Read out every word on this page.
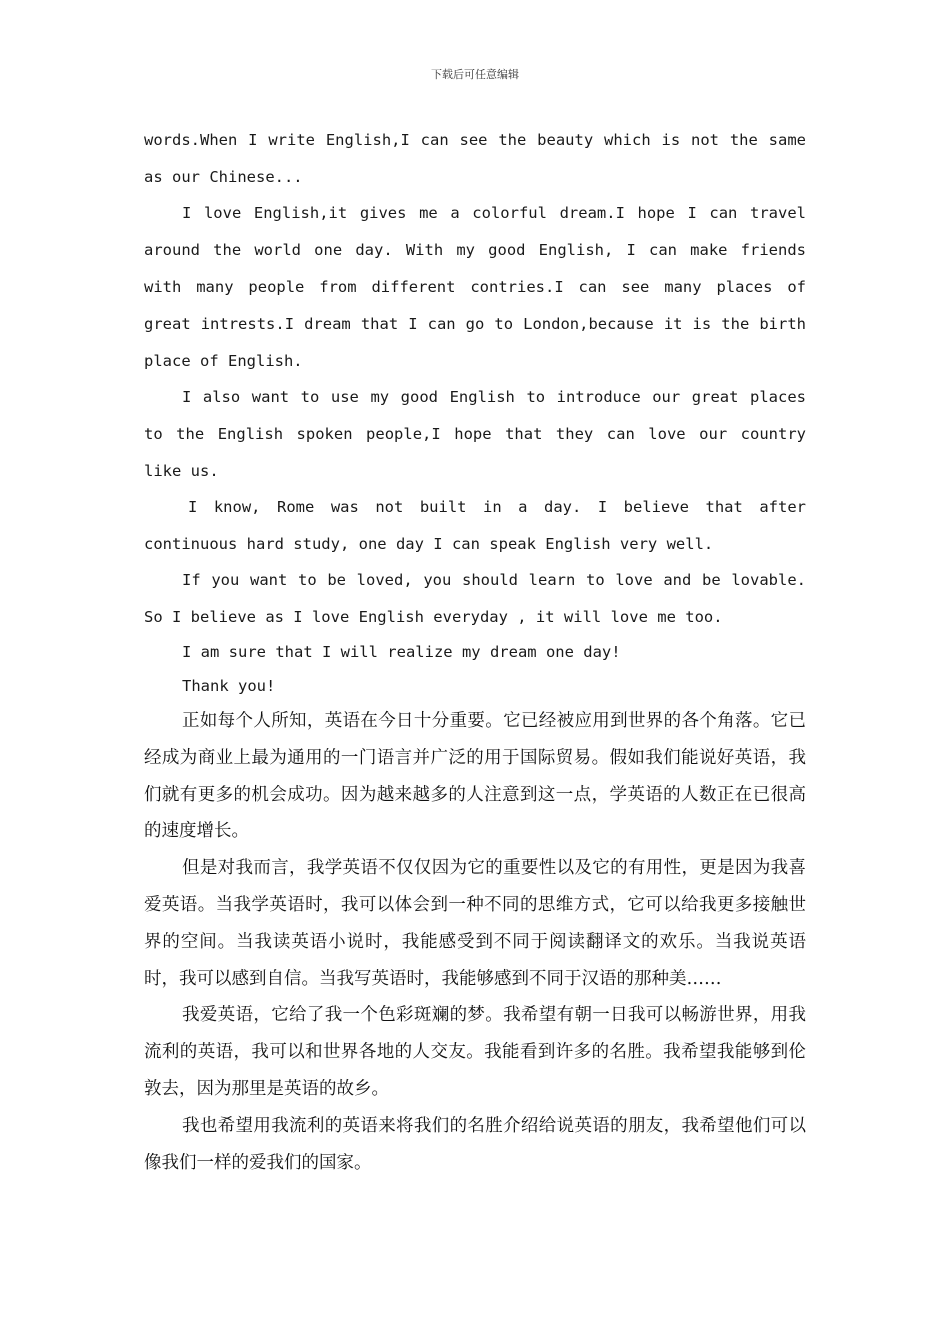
下载后可任意编辑

words.When I write English,I can see the beauty which is not the same as our Chinese...

I love English,it gives me a colorful dream.I hope I can travel around the world one day. With my good English, I can make friends with many people from different contries.I can see many places of great intrests.I dream that I can go to London,because it is the birth place of English.

I also want to use my good English to introduce our great places to the English spoken people,I hope that they can love our country like us.

I know, Rome was not built in a day. I believe that after continuous hard study, one day I can speak English very well.

If you want to be loved, you should learn to love and be lovable. So I believe as I love English everyday , it will love me too.

I am sure that I will realize my dream one day!

Thank you!

正如每个人所知，英语在今日十分重要。它已经被应用到世界的各个角落。它已经成为商业上最为通用的一门语言并广泛的用于国际贸易。假如我们能说好英语，我们就有更多的机会成功。因为越来越多的人注意到这一点，学英语的人数正在已很高的速度增长。

但是对我而言，我学英语不仅仅因为它的重要性以及它的有用性，更是因为我喜爱英语。当我学英语时，我可以体会到一种不同的思维方式，它可以给我更多接触世界的空间。当我读英语小说时，我能感受到不同于阅读翻译文的欢乐。当我说英语时，我可以感到自信。当我写英语时，我能够感到不同于汉语的那种美……

我爱英语，它给了我一个色彩斑斓的梦。我希望有朝一日我可以畅游世界，用我流利的英语，我可以和世界各地的人交友。我能看到许多的名胜。我希望我能够到伦敦去，因为那里是英语的故乡。

我也希望用我流利的英语来将我们的名胜介绍给说英语的朋友，我希望他们可以像我们一样的爱我们的国家。
